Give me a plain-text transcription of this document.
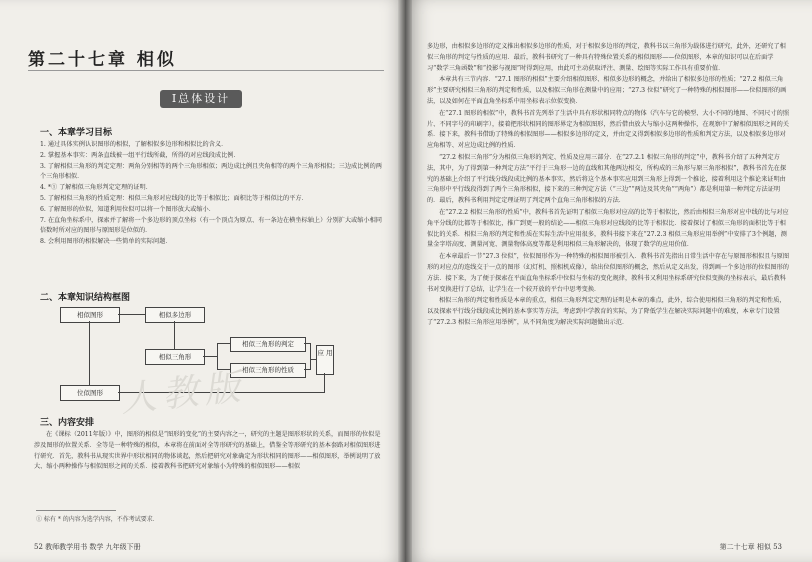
第二十七章 相似
Ⅰ总体设计
一、本章学习目标
1. 通过具体实例认识图形的相似，了解相似多边形和相似比的含义．
2. 掌握基本事实：两条直线被一组平行线所截，所得的对应线段成比例．
3. 了解相似三角形的判定定理：两角分别相等的两个三角形相似；两边成比例且夹角相等的两个三角形相似；三边成比例的两个三角形相似．
4. *① 了解相似三角形判定定理的证明．
5. 了解相似三角形的性质定理：相似三角形对应线段的比等于相似比；面积比等于相似比的平方．
6. 了解图形的位似，知道利用位似可以将一个图形放大或缩小．
7. 在直角坐标系中，探索并了解将一个多边形的顶点坐标（有一个顶点为原点、有一条边在横坐标轴上）分别扩大或缩小相同倍数时所对应的图形与原图形是位似的．
8. 会利用图形的相似解决一些简单的实际问题．
二、本章知识结构框图
相似图形	相似多边形
相似三角形
相似三角形的判定
相似三角形的性质
应 用
位似图形 人教版
三、内容安排
在《课标（2011年版）》中，图形的相似是“图形的变化”的主要内容之一，研究的主题是图形形状的关系，而图形的位似是涉及图形的位置关系．全等是一种特殊的相似，本章将在前面对全等形研究的基础上，借鉴全等形研究的基本套路对相似图形进行研究．首先，教科书从现实世界中形状相同的物体谈起，然后把研究对象确定为形状相同的图形——相似图形，举例说明了放大、缩小两种操作与相似图形之间的关系．接着教科书把研究对象缩小为特殊的相似图形——相似
① 标有 * 的内容为选学内容，不作考试要求．
52 教师教学用书 数学 九年级下册
多边形，由相似多边形的定义推出相似多边形的性质，对于相似多边形的判定，教科书以三角形为载体进行研究，此外，还研究了相似三角形的判定与性质的应用．最后，教科书研究了一种具有特殊位置关系的相似图形——位似图形，本章的知识可以在后面学习“数学三角函数”和“投影与视图”时得到应用，由此可主动获取评注、测量、绘图等实际工作具有重要价值．
本章共有三节内容．“27.1 图形的相似”主要介绍相似图形、相似多边形的概念，并给出了相似多边形的性质；“27.2 相似三角形”主要研究相似三角形的判定和性质，以及相似三角形在测量中的应用；“27.3 位似”研究了一种特殊的相似图形——位似图形的画法，以及如何在平面直角坐标系中用坐标表示位似变换．
在“27.1 图形的相似”中，教科书首先列举了生活中具有形状相同特点的物体（汽车与它的模型、大小不同的地图、不同尺寸的照片、不同字号的印刷字），接着把形状相同的图形界定为相似图形，然后借由放大与缩小这两种操作，在观察中了解相似图形之间的关系．接下来，教科书借助了特殊的相似图形——相似多边形的定义，并由定义得到相似多边形的性质和判定方法，以及相似多边形对应角相等、对应边成比例的性质．
“27.2 相似三角形”分为相似三角形的判定、性质及应用三部分．在“27.2.1 相似三角形的判定”中，教科书介绍了五种判定方法，其中，为了得到第一种判定方法“平行于三角形一边的直线和其他两边相交，所构成的三角形与原三角形相似”，教科书首先在探究的基础上介绍了平行线分线段成比例的基本事实，然后将这个基本事实应用到三角形上得到一个推论，接着利用这个推论来证明由三角形中平行线段得到了两个三角形相似，接下来的三种判定方法（“三边”“两边及其夹角”“两角”）都是利用第一种判定方法证明的．最后，教科书利用判定定理证明了判定两个直角三角形相似的方法．
在“27.2.2 相似三角形的性质”中，教科书首先证明了相似三角形对应高的比等于相似比，然后由相似三角形对应中线的比与对应角平分线的比都等于相似比，推广到更一般的结论——相似三角形对应线段的比等于相似比．接着探讨了相似三角形的面积比等于相似比的关系．相似三角形的判定和性质在实际生活中应用很多，教科书接下来在“27.2.3 相似三角形应用举例”中安排了3个例题，测量金字塔高度、测量河宽、测量物体高度等都是利用相似三角形解决的，体现了数学的应用价值．
在本章最后一节“27.3 位似”，位似图形作为一种特殊的相似图形被引入．教科书首先指出日常生活中存在与原图形相似且与原图形的对应点的连线交于一点的图形（幻灯机、照相机成像），给出位似图形的概念，然后从定义出发，得到画一个多边形的位似图形的方法．接下来，为了便于探索在平面直角坐标系中位似与坐标的变化规律，教科书又利用坐标系研究位似变换的坐标表示，最后教科书对变换进行了总结，让学生在一个较开放的平台中思考变换．
相似三角形的判定和性质是本章的重点，相似三角形判定定理的证明是本章的难点，此外，综合使用相似三角形的判定和性质，以及探索平行线分线段成比例的基本事实等方法，考虑到中学教育的实际，为了降低学生在解决实际问题中的难度，本章专门设置了“27.2.3 相似三角形应用举例”，从不同角度为解决实际问题做出示范．
第二十七章 相似 53
